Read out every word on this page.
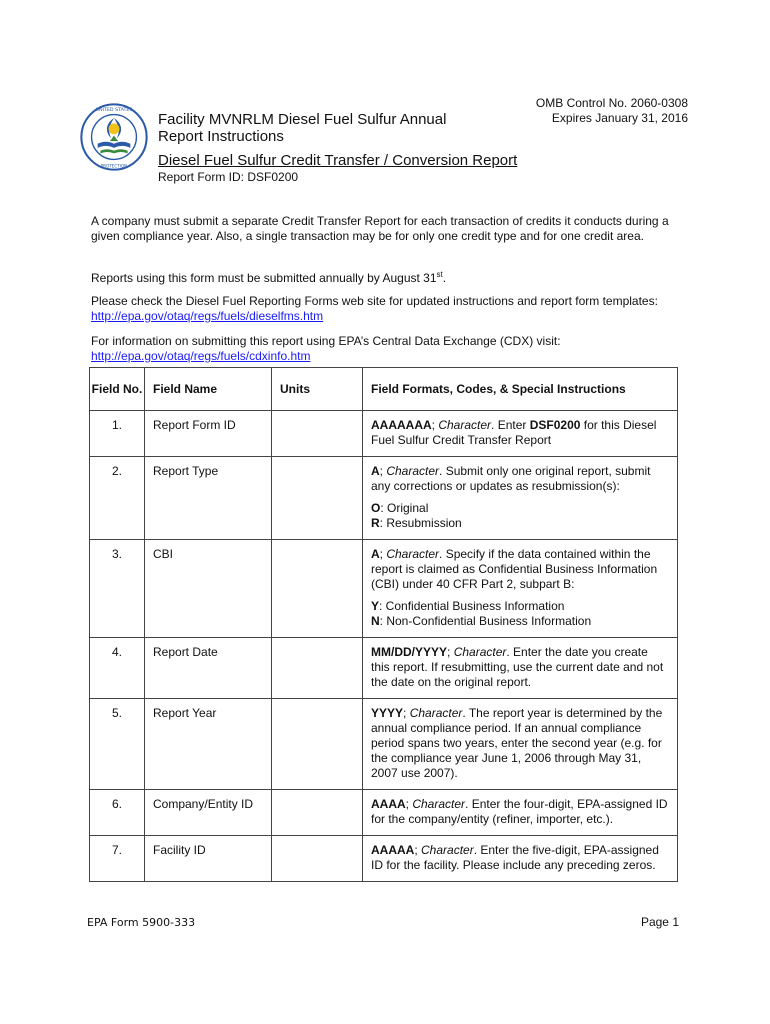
UNITED STATES
PROTECTION
OMB Control No. 2060-0308
Expires January 31, 2016
Facility MVNRLM Diesel Fuel Sulfur Annual
Report Instructions
Diesel Fuel Sulfur Credit Transfer / Conversion Report
Report Form ID: DSF0200
A company must submit a separate Credit Transfer Report for each transaction of credits it conducts during a given compliance year. Also, a single transaction may be for only one credit type and for one credit area.
Reports using this form must be submitted annually by August 31st.
Please check the Diesel Fuel Reporting Forms web site for updated instructions and report form templates: http://epa.gov/otaq/regs/fuels/dieselfms.htm
For information on submitting this report using EPA’s Central Data Exchange (CDX) visit:
http://epa.gov/otaq/regs/fuels/cdxinfo.htm
Field No.	Field Name	Units	Field Formats, Codes, & Special Instructions
1.	Report Form ID		AAAAAAA; Character. Enter DSF0200 for this Diesel Fuel Sulfur Credit Transfer Report

2.	Report Type		A; Character. Submit only one original report, submit any corrections or updates as resubmission(s):
O: Original
R: Resubmission

3.	CBI		A; Character. Specify if the data contained within the report is claimed as Confidential Business Information (CBI) under 40 CFR Part 2, subpart B:
Y: Confidential Business Information
N: Non-Confidential Business Information

4.	Report Date		MM/DD/YYYY; Character. Enter the date you create this report. If resubmitting, use the current date and not the date on the original report.

5.	Report Year		YYYY; Character. The report year is determined by the annual compliance period. If an annual compliance period spans two years, enter the second year (e.g. for the compliance year June 1, 2006 through May 31, 2007 use 2007).

6.	Company/Entity ID		AAAA; Character. Enter the four-digit, EPA-assigned ID for the company/entity (refiner, importer, etc.).

7.	Facility ID		AAAAA; Character. Enter the five-digit, EPA-assigned ID for the facility. Please include any preceding zeros.
EPA Form 5900-333	Page 1
